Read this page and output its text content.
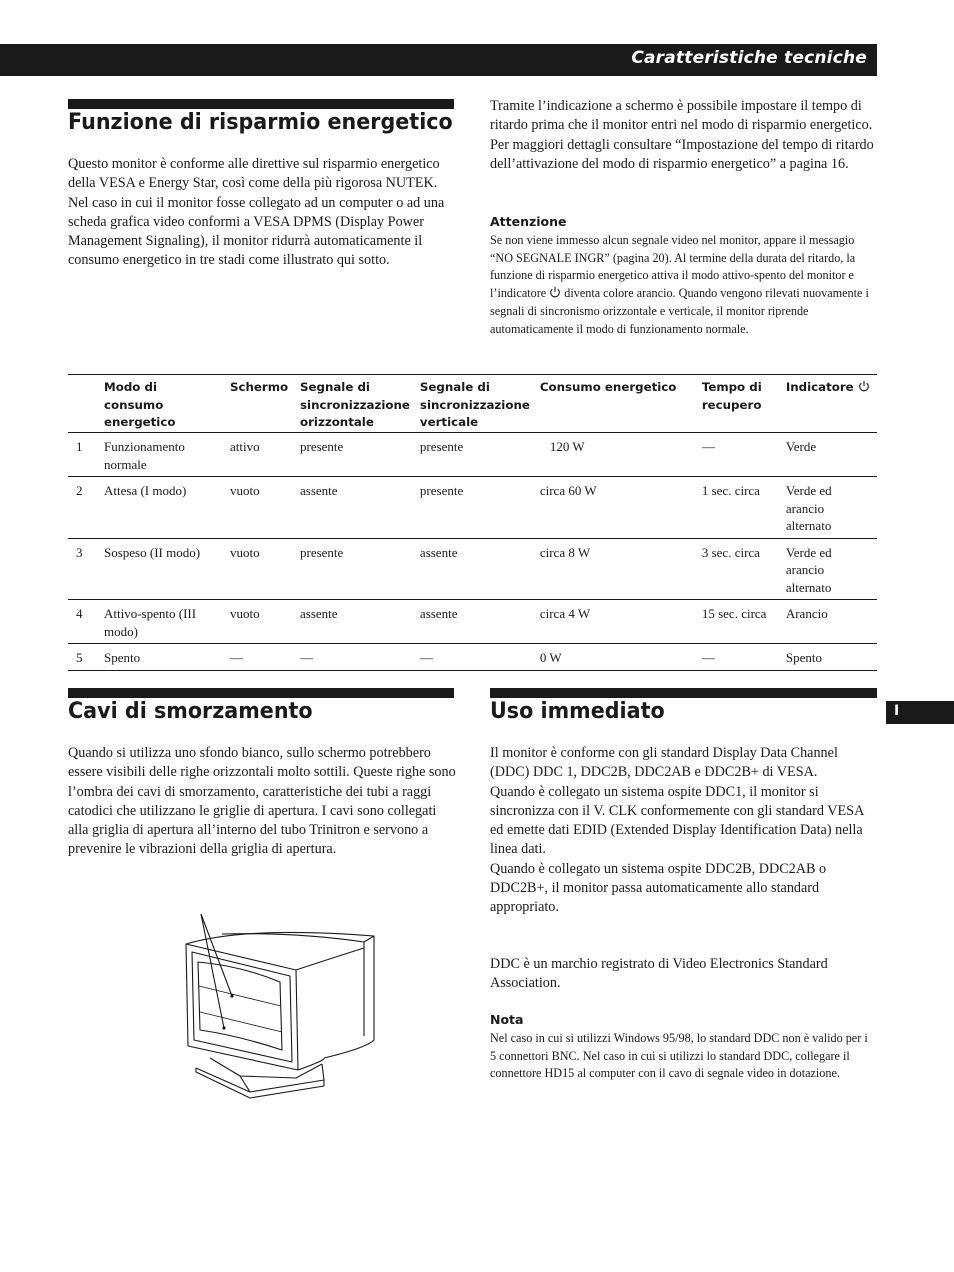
Caratteristiche tecniche
Funzione di risparmio energetico

Questo monitor è conforme alle direttive sul risparmio energetico della VESA e Energy Star, così come della più rigorosa NUTEK.

Nel caso in cui il monitor fosse collegato ad un computer o ad una scheda grafica video conformi a VESA DPMS (Display Power Management Signaling), il monitor ridurrà automaticamente il consumo energetico in tre stadi come illustrato qui sotto.

Tramite l’indicazione a schermo è possibile impostare il tempo di ritardo prima che il monitor entri nel modo di risparmio energetico. Per maggiori dettagli consultare “Impostazione del tempo di ritardo dell’attivazione del modo di risparmio energetico” a pagina 16.

Attenzione
Se non viene immesso alcun segnale video nel monitor, appare il messagio “NO SEGNALE INGR” (pagina 20). Al termine della durata del ritardo, la funzione di risparmio energetico attiva il modo attivo-spento del monitor e l’indicatore diventa colore arancio. Quando vengono rilevati nuovamente i segnali di sincronismo orizzontale e verticale, il monitor riprende automaticamente il modo di funzionamento normale.
	Modo di consumo energetico	Schermo	Segnale di sincronizzazione orizzontale	Segnale di sincronizzazione verticale	Consumo energetico	Tempo di recupero	Indicatore
1	Funzionamento normale	attivo	presente	presente	120 W	—	Verde
2	Attesa (I modo)	vuoto	assente	presente	circa 60 W	1 sec. circa	Verde ed arancio alternato
3	Sospeso (II modo)	vuoto	presente	assente	circa 8 W	3 sec. circa	Verde ed arancio alternato
4	Attivo-spento (III modo)	vuoto	assente	assente	circa 4 W	15 sec. circa	Arancio
5	Spento	—	—	—	0 W	—	Spento
Cavi di smorzamento

Quando si utilizza uno sfondo bianco, sullo schermo potrebbero essere visibili delle righe orizzontali molto sottili. Queste righe sono l’ombra dei cavi di smorzamento, caratteristiche dei tubi a raggi catodici che utilizzano le griglie di apertura. I cavi sono collegati alla griglia di apertura all’interno del tubo Trinitron e servono a prevenire le vibrazioni della griglia di apertura.

Uso immediato

Il monitor è conforme con gli standard Display Data Channel (DDC) DDC 1, DDC2B, DDC2AB e DDC2B+ di VESA.

Quando è collegato un sistema ospite DDC1, il monitor si sincronizza con il V. CLK conformemente con gli standard VESA ed emette dati EDID (Extended Display Identification Data) nella linea dati.

Quando è collegato un sistema ospite DDC2B, DDC2AB o DDC2B+, il monitor passa automaticamente allo standard appropriato.

DDC è un marchio registrato di Video Electronics Standard Association.

Nota
Nel caso in cui si utilizzi Windows 95/98, lo standard DDC non è valido per i 5 connettori BNC. Nel caso in cui si utilizzi lo standard DDC, collegare il connettore HD15 al computer con il cavo di segnale video in dotazione.
I
